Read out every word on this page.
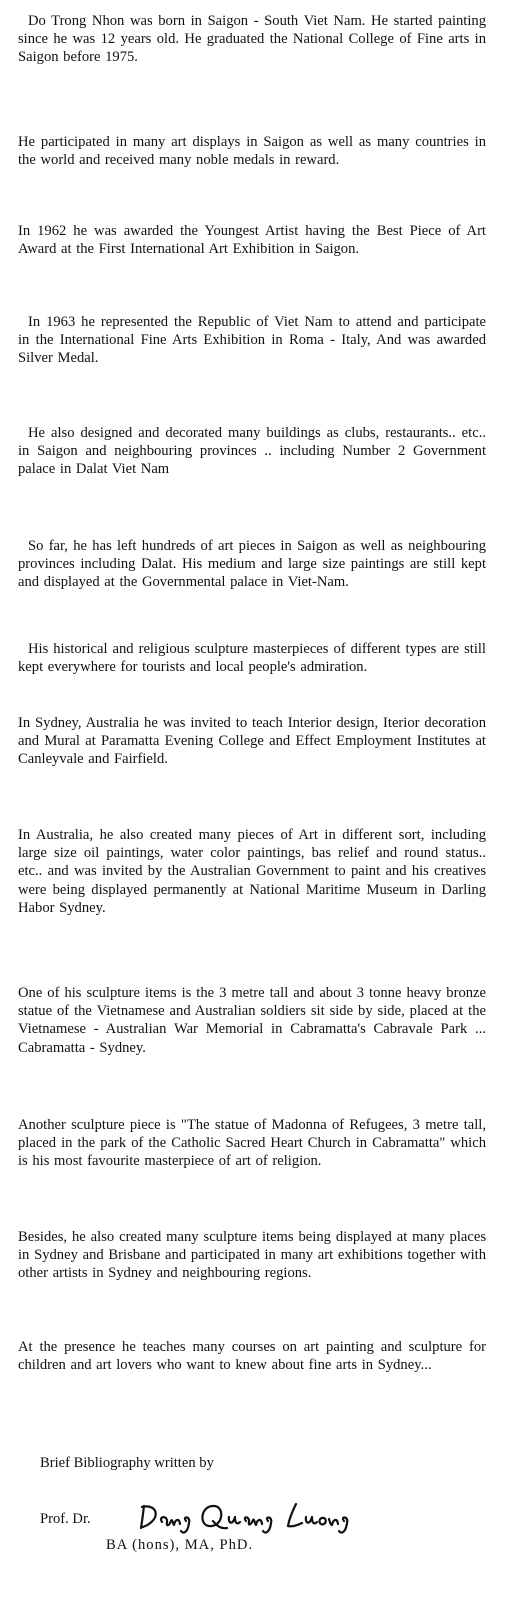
Do Trong Nhon was born in Saigon - South Viet Nam. He started painting since he was 12 years old. He graduated the National College of Fine arts in Saigon before 1975.

He participated in many art displays in Saigon as well as many countries in the world and received many noble medals in reward.

In 1962 he was awarded the Youngest Artist having the Best Piece of Art Award at the First International Art Exhibition in Saigon.

In 1963 he represented the Republic of Viet Nam to attend and participate in the International Fine Arts Exhibition in Roma - Italy, And was awarded Silver Medal.

He also designed and decorated many buildings as clubs, restaurants.. etc.. in Saigon and neighbouring provinces .. including Number 2 Government palace in Dalat Viet Nam

So far, he has left hundreds of art pieces in Saigon as well as neighbouring provinces including Dalat. His medium and large size paintings are still kept and displayed at the Governmental palace in Viet-Nam.

His historical and religious sculpture masterpieces of different types are still kept everywhere for tourists and local people's admiration.

In Sydney, Australia he was invited to teach Interior design, Iterior decoration and Mural at Paramatta Evening College and Effect Employment Institutes at Canleyvale and Fairfield.

In Australia, he also created many pieces of Art in different sort, including large size oil paintings, water color paintings, bas relief and round status.. etc.. and was invited by the Australian Government to paint and his creatives were being displayed permanently at National Maritime Museum in Darling Habor Sydney.

One of his sculpture items is the 3 metre tall and about 3 tonne heavy bronze statue of the Vietnamese and Australian soldiers sit side by side, placed at the Vietnamese - Australian War Memorial in Cabramatta's Cabravale Park ... Cabramatta - Sydney.

Another sculpture piece is "The statue of Madonna of Refugees, 3 metre tall, placed in the park of the Catholic Sacred Heart Church in Cabramatta" which is his most favourite masterpiece of art of religion.

Besides, he also created many sculpture items being displayed at many places in Sydney and Brisbane and participated in many art exhibitions together with other artists in Sydney and neighbouring regions.

At the presence he teaches many courses on art painting and sculpture for children and art lovers who want to knew about fine arts in Sydney...

Brief Bibliography written by
Prof. Dr.
BA (hons), MA, PhD.
